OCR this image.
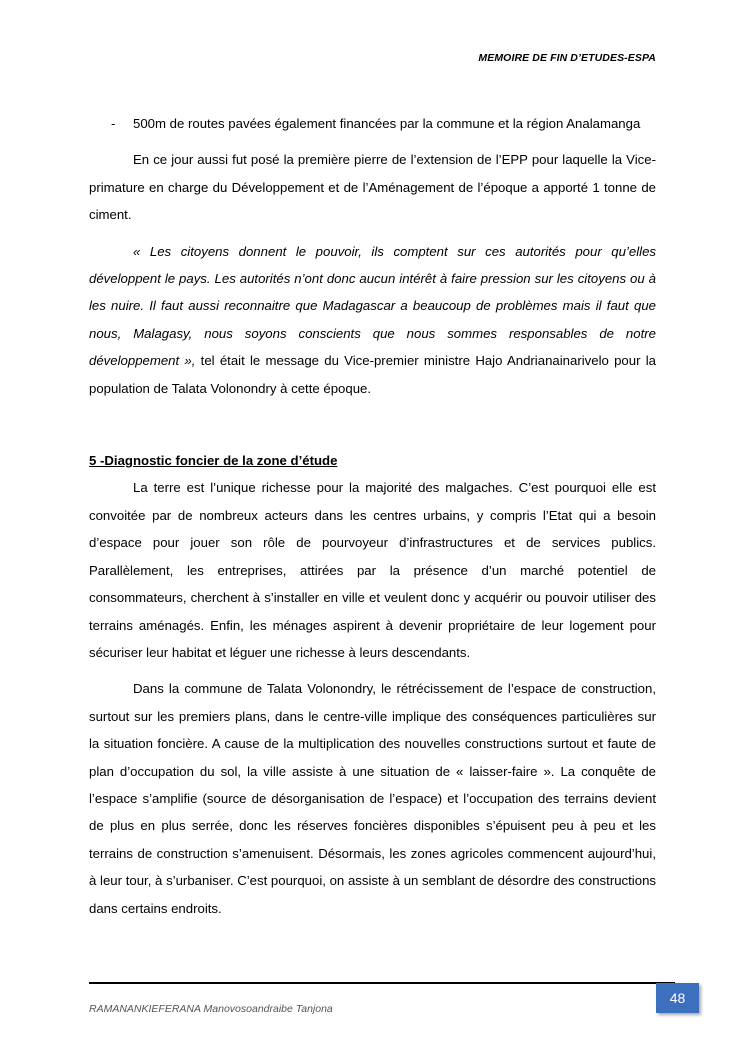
MEMOIRE DE FIN D’ETUDES-ESPA
-	500m de routes pavées également financées par la commune et la région Analamanga

En ce jour aussi fut posé la première pierre de l’extension de l’EPP pour laquelle la Vice-primature en charge du Développement et de l’Aménagement de l’époque a apporté 1 tonne de ciment.

« Les citoyens donnent le pouvoir, ils comptent sur ces autorités pour qu’elles développent le pays. Les autorités n’ont donc aucun intérêt à faire pression sur les citoyens ou à les nuire. Il faut aussi reconnaitre que Madagascar a beaucoup de problèmes mais il faut que nous, Malagasy, nous soyons conscients que nous sommes responsables de notre développement », tel était le message du Vice-premier ministre Hajo Andrianainarivelo pour la population de Talata Volonondry à cette époque.

5 -Diagnostic foncier de la zone d’étude

La terre est l’unique richesse pour la majorité des malgaches. C’est pourquoi elle est convoitée par de nombreux acteurs dans les centres urbains, y compris l’Etat qui a besoin d’espace pour jouer son rôle de pourvoyeur d’infrastructures et de services publics. Parallèlement, les entreprises, attirées par la présence d’un marché potentiel de consommateurs, cherchent à s’installer en ville et veulent donc y acquérir ou pouvoir utiliser des terrains aménagés. Enfin, les ménages aspirent à devenir propriétaire de leur logement pour sécuriser leur habitat et léguer une richesse à leurs descendants.

Dans la commune de Talata Volonondry, le rétrécissement de l’espace de construction, surtout sur les premiers plans, dans le centre-ville implique des conséquences particulières sur la situation foncière. A cause de la multiplication des nouvelles constructions surtout et faute de plan d’occupation du sol, la ville assiste à une situation de « laisser-faire ». La conquête de l’espace s’amplifie (source de désorganisation de l’espace) et l’occupation des terrains devient de plus en plus serrée, donc les réserves foncières disponibles s’épuisent peu à peu et les terrains de construction s’amenuisent. Désormais, les zones agricoles commencent aujourd’hui, à leur tour, à s’urbaniser. C’est pourquoi, on assiste à un semblant de désordre des constructions dans certains endroits.

RAMANANKIEFERANA Manovosoandraibe Tanjona
48
